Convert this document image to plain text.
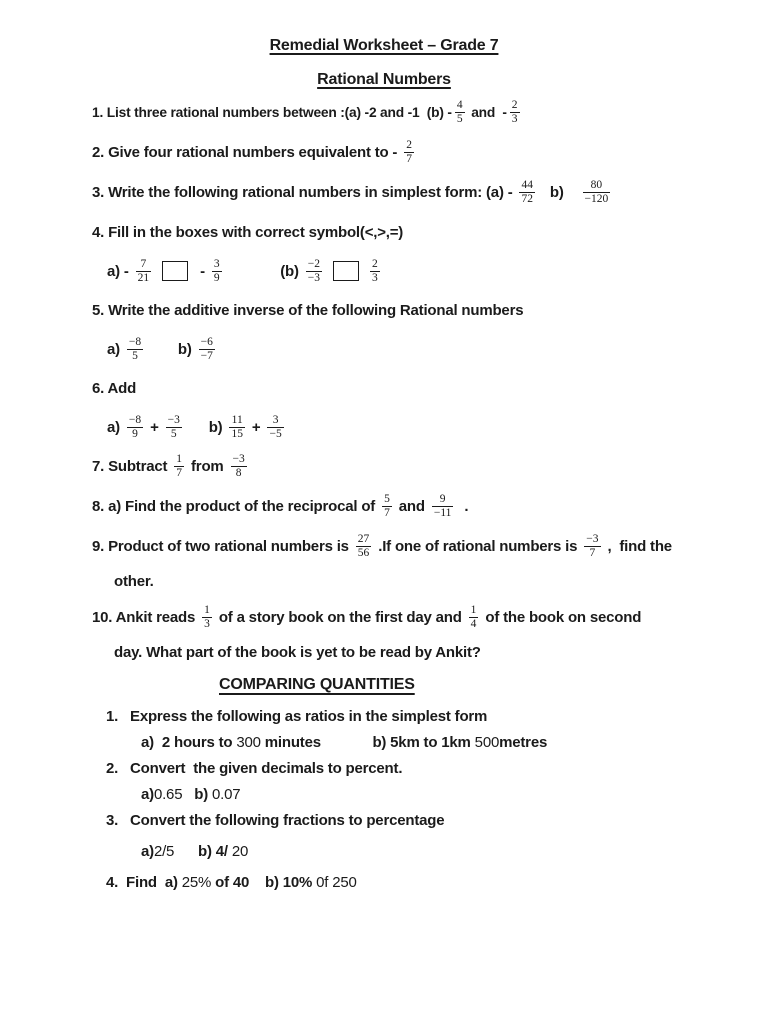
Remedial Worksheet – Grade 7
Rational Numbers
1. List three rational numbers between :(a) -2 and -1  $(b) - \frac{4}{5}$ and  - $\frac{2}{3}$
2. Give four rational numbers equivalent to - $\frac{2}{7}$
3. Write the following rational numbers in simplest form: $(a) - \frac{44}{72} b) \frac{80}{-120}$
4. Fill in the boxes with correct symbol(<,>,=)
$a) - \frac{7}{21}$	- $\frac{3}{9}$
	$(b) \frac{-2}{-3}$	$\frac{2}{3}$
5. Write the additive inverse of the following Rational numbers
$a) \frac{-8}{5}$
$b) \frac{-6}{-7}$
6. Add
$a) \frac{-8}{9} + \frac{-3}{5}$
$b) \frac{11}{15} + \frac{3}{-5}$
7. Subtract $\frac{1}{7}$ from $\frac{-3}{8}$
8. a) Find the product of the reciprocal of $\frac{5}{7}$ and $\frac{9}{-11}$ .
9. Product of two rational numbers is $\frac{27}{56} .If$ one of rational numbers is $\frac{-3}{7}$ ,  find the
other.
10. Ankit reads $\frac{1}{3}$ of a story book on the first day and $\frac{1}{4}$ of the book on second
day. What part of the book is yet to be read by Ankit?
COMPARING QUANTITIES
1.   Express the following as ratios in the simplest form
a)  2 hours to 300 minutes
	b) 5km to 1km 500 metres
2.   Convert  the given decimals to percent.
a) 0.65 b) 0.07
3.   Convert the following fractions to percentage
a) 2/5 b) 4/ 20
4.  Find  a) 25% of 40    b) 10% 0f 250
